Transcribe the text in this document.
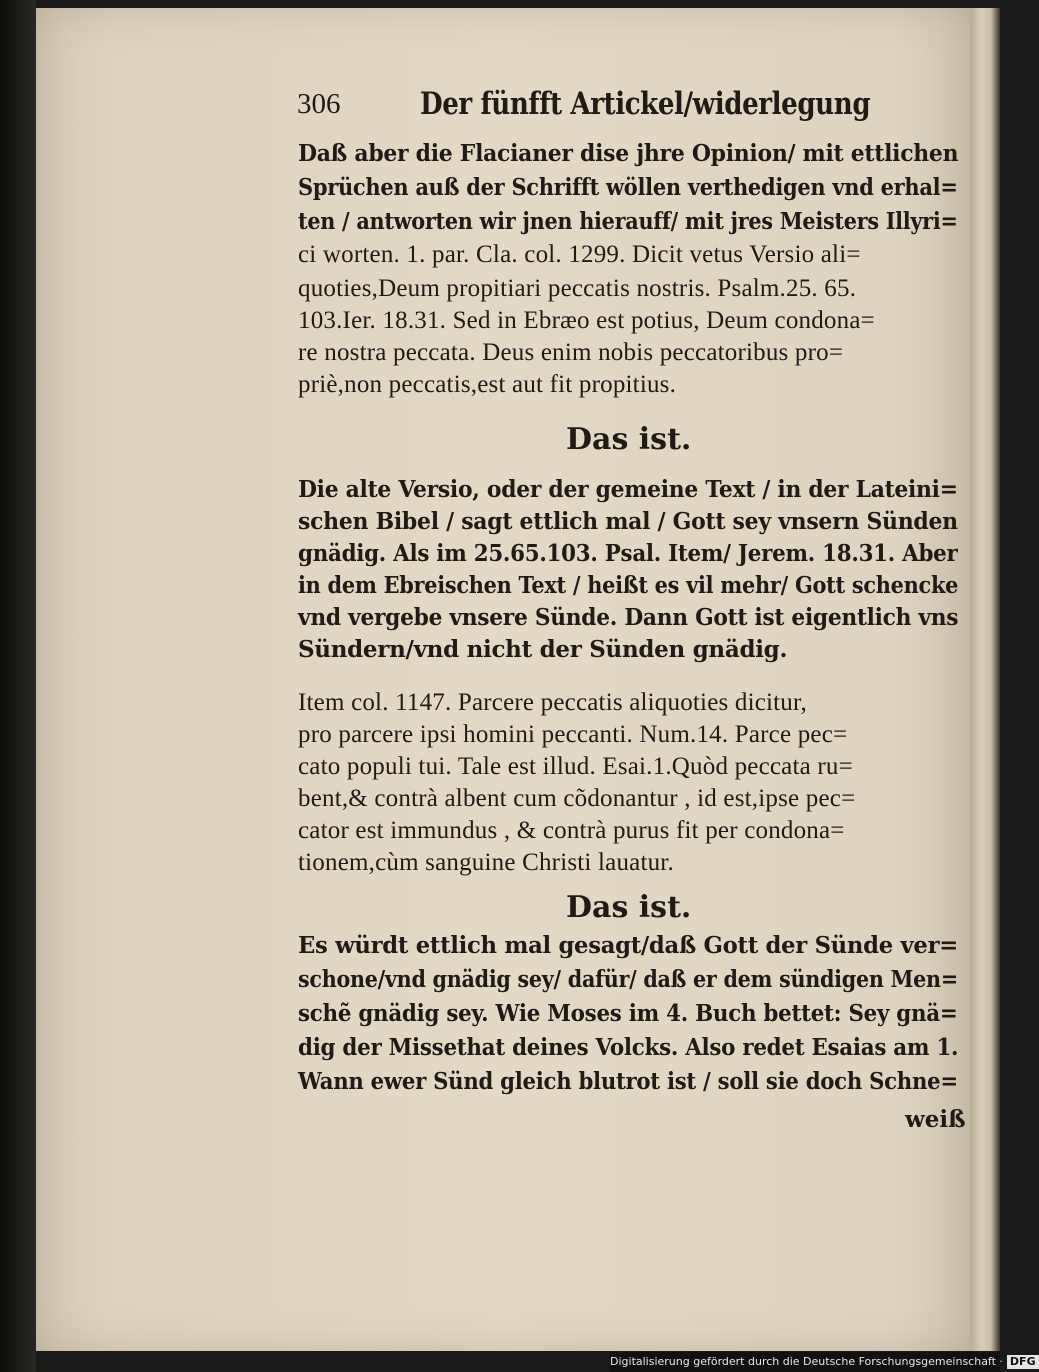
306	Der fünfft Artickel/widerlegung
Daß aber die Flacianer dise jhre Opinion/ mit ettlichen
Sprüchen auß der Schrifft wöllen verthedigen vnd erhal=
ten / antworten wir jnen hierauff/ mit jres Meisters Illyri=
ci worten. 1. par. Cla. col. 1299. Dicit vetus Versio ali=
quoties,Deum propitiari peccatis nostris. Psalm.25. 65.
103.Ier. 18.31. Sed in Ebræo est potius, Deum condona=
re nostra peccata. Deus enim nobis peccatoribus pro=
priè,non peccatis,est aut fit propitius.
Das ist.
Die alte Versio, oder der gemeine Text / in der Lateini=
schen Bibel / sagt ettlich mal / Gott sey vnsern Sünden
gnädig. Als im 25.65.103. Psal. Item/ Jerem. 18.31. Aber
in dem Ebreischen Text / heißt es vil mehr/ Gott schencke
vnd vergebe vnsere Sünde. Dann Gott ist eigentlich vns
Sündern/vnd nicht der Sünden gnädig.
Item col. 1147. Parcere peccatis aliquoties dicitur,
pro parcere ipsi homini peccanti. Num.14. Parce pec=
cato populi tui. Tale est illud. Esai.1.Quòd peccata ru=
bent,& contrà albent cum cõdonantur , id est,ipse pec=
cator est immundus , & contrà purus fit per condona=
tionem,cùm sanguine Christi lauatur.
Das ist.
Es würdt ettlich mal gesagt/daß Gott der Sünde ver=
schone/vnd gnädig sey/ dafür/ daß er dem sündigen Men=
schẽ gnädig sey. Wie Moses im 4. Buch bettet: Sey gnä=
dig der Missethat deines Volcks. Also redet Esaias am 1.
Wann ewer Sünd gleich blutrot ist / soll sie doch Schne=
weiß
Digitalisierung gefördert durch die Deutsche Forschungsgemeinschaft · DFG
